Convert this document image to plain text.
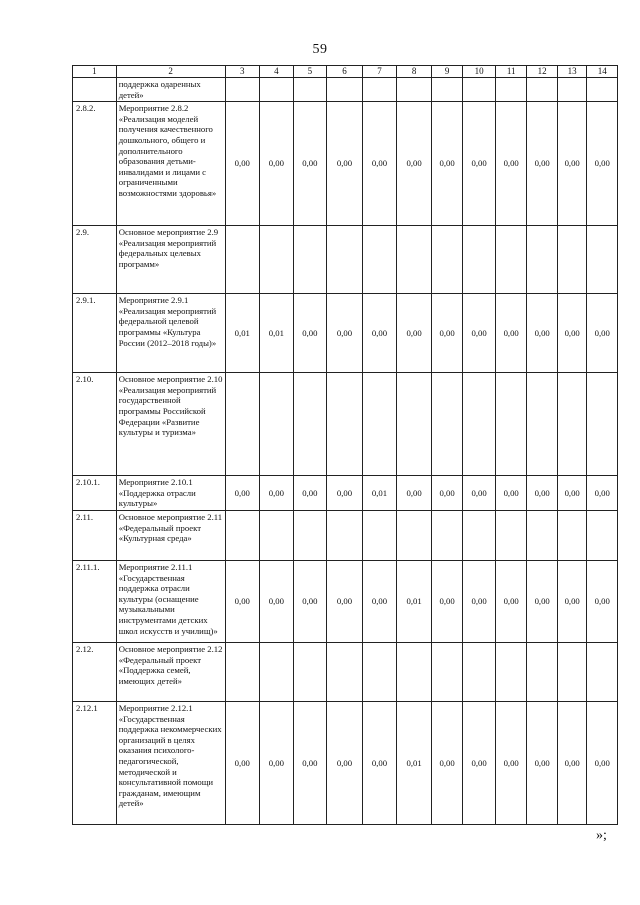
59
1	2	3	4	5	6	7	8	9	10	11	12	13	14
	поддержка одаренных детей»												
2.8.2.	Мероприятие 2.8.2 «Реализация моделей получения качественного дошкольного, общего и дополнительного образования детьми-инвалидами и лицами с ограниченными возможностями здоровья»	0,00	0,00	0,00	0,00	0,00	0,00	0,00	0,00	0,00	0,00	0,00	0,00
2.9.	Основное мероприятие 2.9 «Реализация мероприятий федеральных целевых программ»												
2.9.1.	Мероприятие 2.9.1 «Реализация мероприятий федеральной целевой программы «Культура России (2012–2018 годы)»	0,01	0,01	0,00	0,00	0,00	0,00	0,00	0,00	0,00	0,00	0,00	0,00
2.10.	Основное мероприятие 2.10 «Реализация мероприятий государственной программы Российской Федерации «Развитие культуры и туризма»												
2.10.1.	Мероприятие 2.10.1 «Поддержка отрасли культуры»	0,00	0,00	0,00	0,00	0,01	0,00	0,00	0,00	0,00	0,00	0,00	0,00
2.11.	Основное мероприятие 2.11 «Федеральный проект «Культурная среда»												
2.11.1.	Мероприятие 2.11.1 «Государственная поддержка отрасли культуры (оснащение музыкальными инструментами детских школ искусств и училищ)»	0,00	0,00	0,00	0,00	0,00	0,01	0,00	0,00	0,00	0,00	0,00	0,00
2.12.	Основное мероприятие 2.12 «Федеральный проект «Поддержка семей, имеющих детей»												
2.12.1	Мероприятие 2.12.1 «Государственная поддержка некоммерческих организаций в целях оказания психолого-педагогической, методической и консультативной помощи гражданам, имеющим детей»	0,00	0,00	0,00	0,00	0,00	0,01	0,00	0,00	0,00	0,00	0,00	0,00
»;
